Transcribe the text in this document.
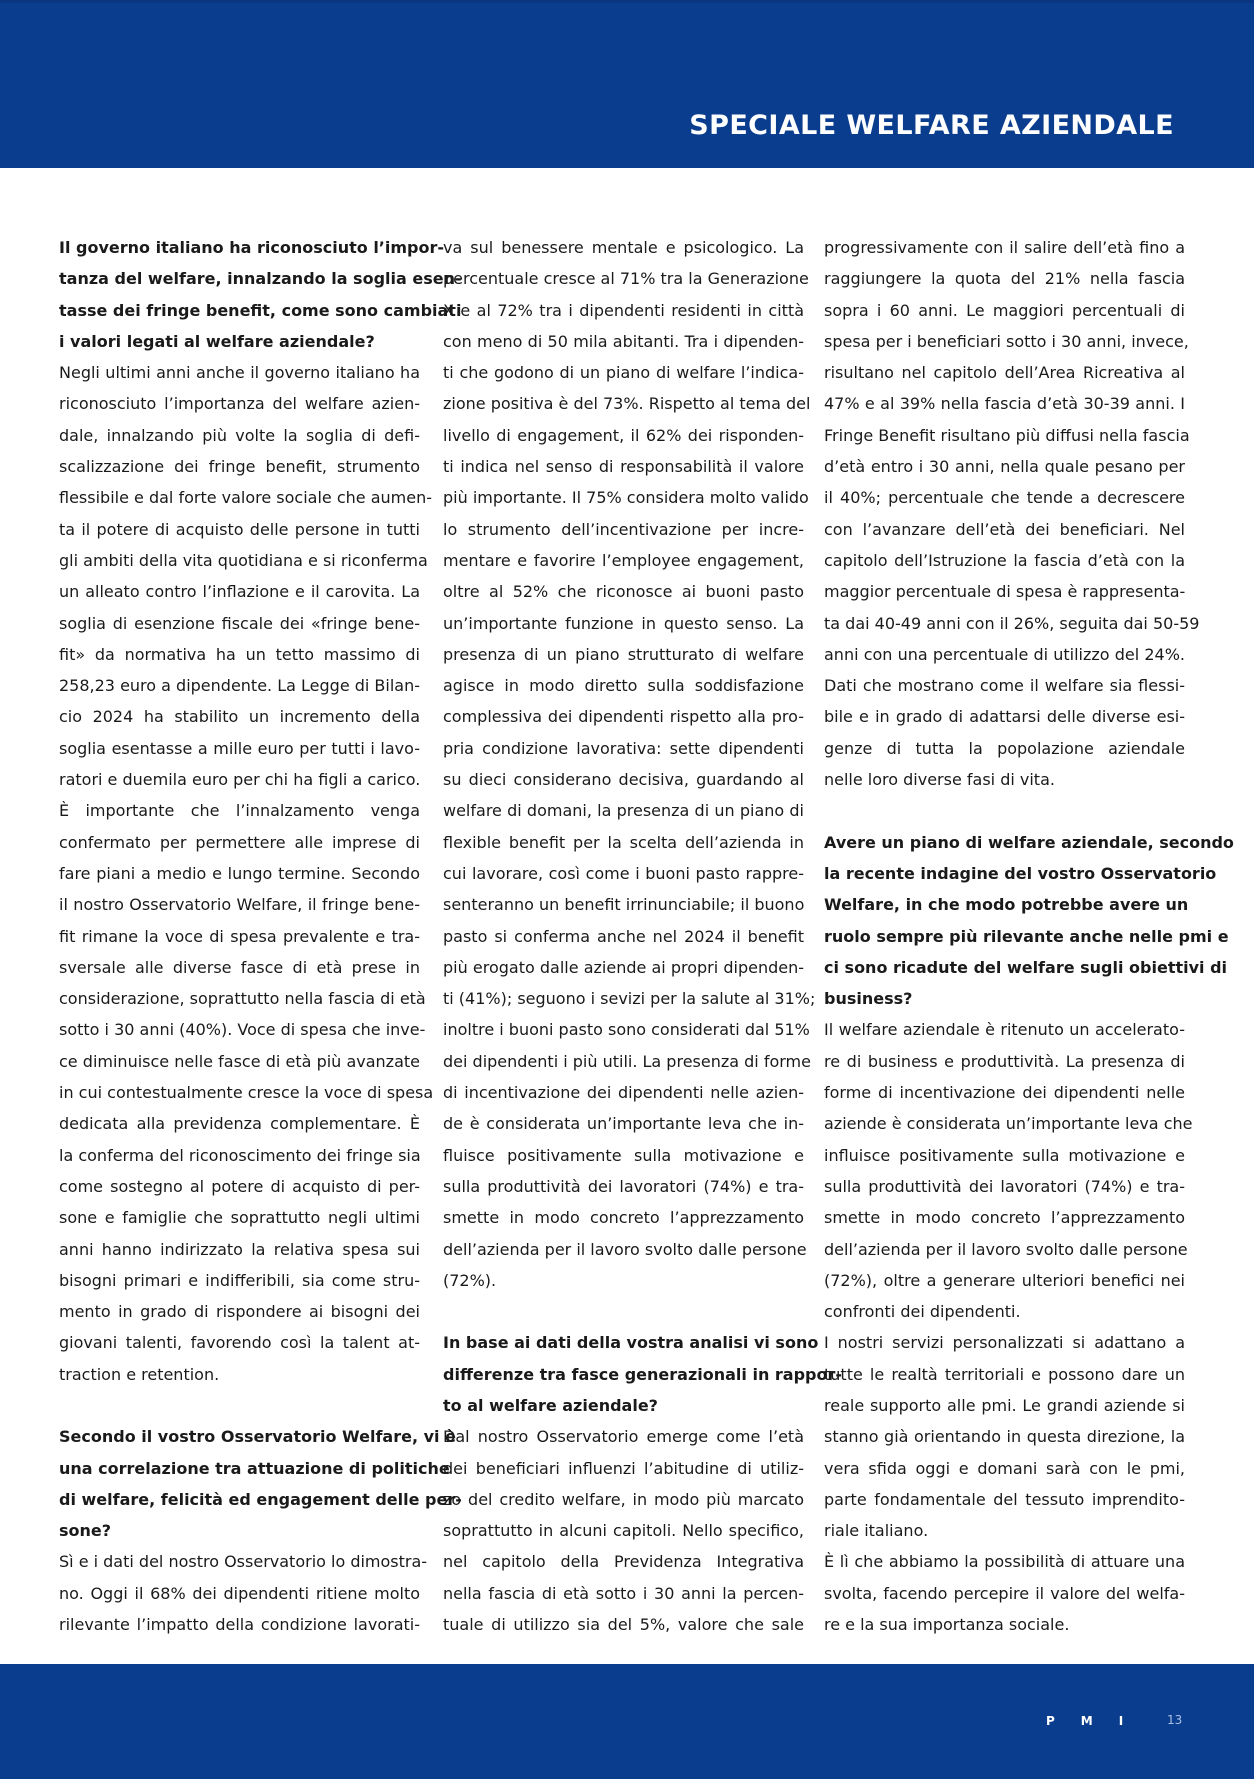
SPECIALE WELFARE AZIENDALE
Il governo italiano ha riconosciuto l’impor-
tanza del welfare, innalzando la soglia esen-
tasse dei fringe benefit, come sono cambiati
i valori legati al welfare aziendale?
Negli ultimi anni anche il governo italiano ha
riconosciuto l’importanza del welfare azien-
dale, innalzando più volte la soglia di defi-
scalizzazione dei fringe benefit, strumento
flessibile e dal forte valore sociale che aumen-
ta il potere di acquisto delle persone in tutti
gli ambiti della vita quotidiana e si riconferma
un alleato contro l’inflazione e il carovita. La
soglia di esenzione fiscale dei «fringe bene-
fit» da normativa ha un tetto massimo di
258,23 euro a dipendente. La Legge di Bilan-
cio 2024 ha stabilito un incremento della
soglia esentasse a mille euro per tutti i lavo-
ratori e duemila euro per chi ha figli a carico.
È importante che l’innalzamento venga
confermato per permettere alle imprese di
fare piani a medio e lungo termine. Secondo
il nostro Osservatorio Welfare, il fringe bene-
fit rimane la voce di spesa prevalente e tra-
sversale alle diverse fasce di età prese in
considerazione, soprattutto nella fascia di età
sotto i 30 anni (40%). Voce di spesa che inve-
ce diminuisce nelle fasce di età più avanzate
in cui contestualmente cresce la voce di spesa
dedicata alla previdenza complementare. È
la conferma del riconoscimento dei fringe sia
come sostegno al potere di acquisto di per-
sone e famiglie che soprattutto negli ultimi
anni hanno indirizzato la relativa spesa sui
bisogni primari e indifferibili, sia come stru-
mento in grado di rispondere ai bisogni dei
giovani talenti, favorendo così la talent at-
traction e retention.
Secondo il vostro Osservatorio Welfare, vi è
una correlazione tra attuazione di politiche
di welfare, felicità ed engagement delle per-
sone?
Sì e i dati del nostro Osservatorio lo dimostra-
no. Oggi il 68% dei dipendenti ritiene molto
rilevante l’impatto della condizione lavorati-
va sul benessere mentale e psicologico. La
percentuale cresce al 71% tra la Generazione
X e al 72% tra i dipendenti residenti in città
con meno di 50 mila abitanti. Tra i dipenden-
ti che godono di un piano di welfare l’indica-
zione positiva è del 73%. Rispetto al tema del
livello di engagement, il 62% dei risponden-
ti indica nel senso di responsabilità il valore
più importante. Il 75% considera molto valido
lo strumento dell’incentivazione per incre-
mentare e favorire l’employee engagement,
oltre al 52% che riconosce ai buoni pasto
un’importante funzione in questo senso. La
presenza di un piano strutturato di welfare
agisce in modo diretto sulla soddisfazione
complessiva dei dipendenti rispetto alla pro-
pria condizione lavorativa: sette dipendenti
su dieci considerano decisiva, guardando al
welfare di domani, la presenza di un piano di
flexible benefit per la scelta dell’azienda in
cui lavorare, così come i buoni pasto rappre-
senteranno un benefit irrinunciabile; il buono
pasto si conferma anche nel 2024 il benefit
più erogato dalle aziende ai propri dipenden-
ti (41%); seguono i sevizi per la salute al 31%;
inoltre i buoni pasto sono considerati dal 51%
dei dipendenti i più utili. La presenza di forme
di incentivazione dei dipendenti nelle azien-
de è considerata un’importante leva che in-
fluisce positivamente sulla motivazione e
sulla produttività dei lavoratori (74%) e tra-
smette in modo concreto l’apprezzamento
dell’azienda per il lavoro svolto dalle persone
(72%).
In base ai dati della vostra analisi vi sono
differenze tra fasce generazionali in rappor-
to al welfare aziendale?
Dal nostro Osservatorio emerge come l’età
dei beneficiari influenzi l’abitudine di utiliz-
zo del credito welfare, in modo più marcato
soprattutto in alcuni capitoli. Nello specifico,
nel capitolo della Previdenza Integrativa
nella fascia di età sotto i 30 anni la percen-
tuale di utilizzo sia del 5%, valore che sale
progressivamente con il salire dell’età fino a
raggiungere la quota del 21% nella fascia
sopra i 60 anni. Le maggiori percentuali di
spesa per i beneficiari sotto i 30 anni, invece,
risultano nel capitolo dell’Area Ricreativa al
47% e al 39% nella fascia d’età 30-39 anni. I
Fringe Benefit risultano più diffusi nella fascia
d’età entro i 30 anni, nella quale pesano per
il 40%; percentuale che tende a decrescere
con l’avanzare dell’età dei beneficiari. Nel
capitolo dell’Istruzione la fascia d’età con la
maggior percentuale di spesa è rappresenta-
ta dai 40-49 anni con il 26%, seguita dai 50-59
anni con una percentuale di utilizzo del 24%.
Dati che mostrano come il welfare sia flessi-
bile e in grado di adattarsi delle diverse esi-
genze di tutta la popolazione aziendale
nelle loro diverse fasi di vita.
Avere un piano di welfare aziendale, secondo
la recente indagine del vostro Osservatorio
Welfare, in che modo potrebbe avere un
ruolo sempre più rilevante anche nelle pmi e
ci sono ricadute del welfare sugli obiettivi di
business?
Il welfare aziendale è ritenuto un accelerato-
re di business e produttività. La presenza di
forme di incentivazione dei dipendenti nelle
aziende è considerata un’importante leva che
influisce positivamente sulla motivazione e
sulla produttività dei lavoratori (74%) e tra-
smette in modo concreto l’apprezzamento
dell’azienda per il lavoro svolto dalle persone
(72%), oltre a generare ulteriori benefici nei
confronti dei dipendenti.
I nostri servizi personalizzati si adattano a
tutte le realtà territoriali e possono dare un
reale supporto alle pmi. Le grandi aziende si
stanno già orientando in questa direzione, la
vera sfida oggi e domani sarà con le pmi,
parte fondamentale del tessuto imprendito-
riale italiano.
È lì che abbiamo la possibilità di attuare una
svolta, facendo percepire il valore del welfa-
re e la sua importanza sociale.
PMI 13
